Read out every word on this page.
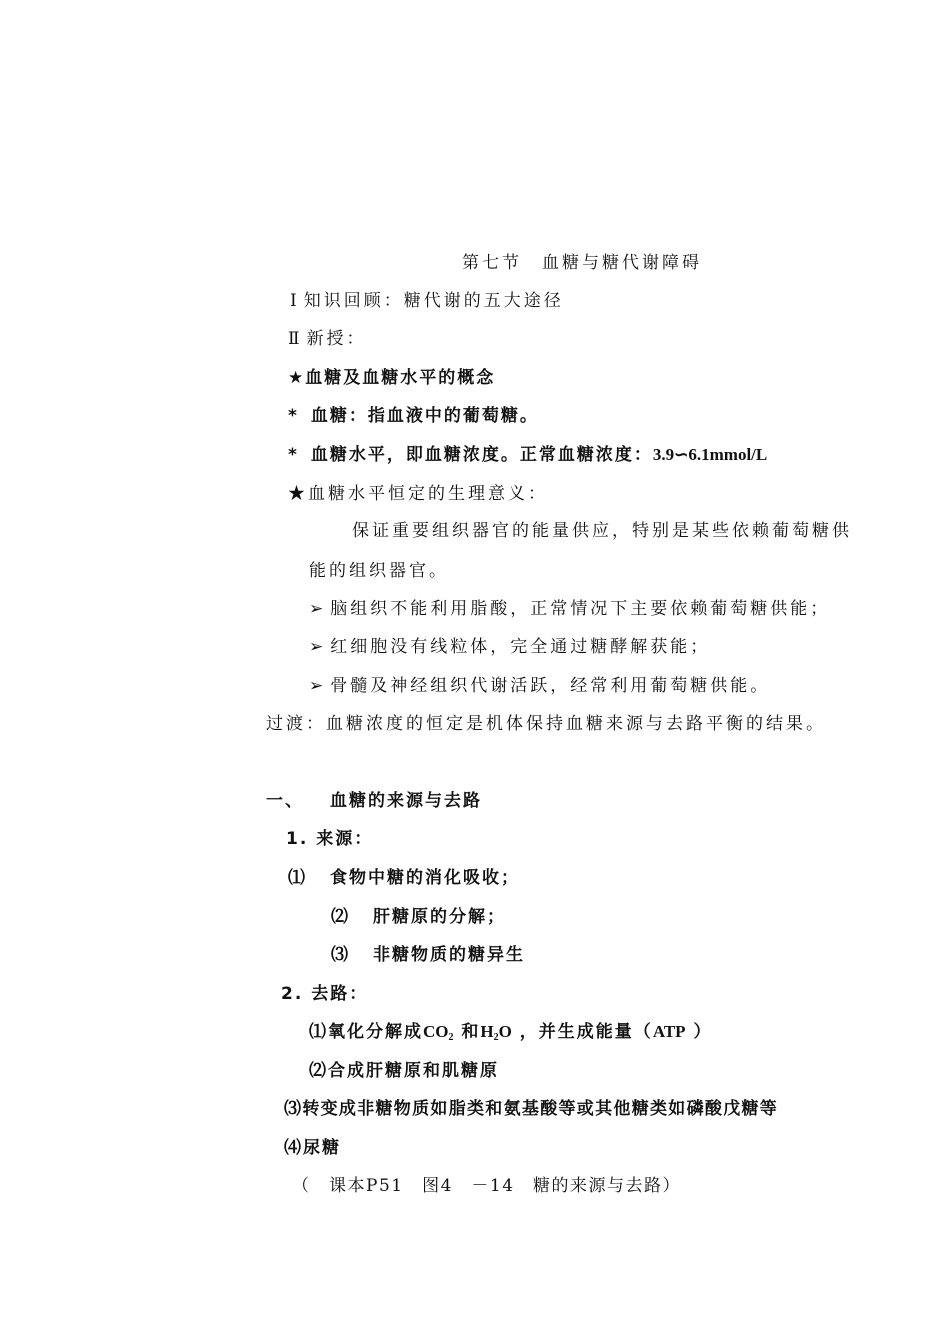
第七节　血糖与糖代谢障碍
Ⅰ 知识回顾：糖代谢的五大途径
Ⅱ 新授：
★血糖及血糖水平的概念
* 血糖：指血液中的葡萄糖。
* 血糖水平，即血糖浓度。正常血糖浓度：3.9∽6.1mmol/L
★血糖水平恒定的生理意义：
保证重要组织器官的能量供应，特别是某些依赖葡萄糖供
能的组织器官。
➢ 脑组织不能利用脂酸，正常情况下主要依赖葡萄糖供能；
➢ 红细胞没有线粒体，完全通过糖酵解获能；
➢ 骨髓及神经组织代谢活跃，经常利用葡萄糖供能。
过渡：血糖浓度的恒定是机体保持血糖来源与去路平衡的结果。
一、 血糖的来源与去路
1. 来源：
⑴ 食物中糖的消化吸收；
⑵ 肝糖原的分解；
⑶ 非糖物质的糖异生
2. 去路：
⑴氧化分解成$CO_2$ 和$H_2O$ ，并生成能量（ATP ）
⑵合成肝糖原和肌糖原
⑶转变成非糖物质如脂类和氨基酸等或其他糖类如磷酸戊糖等
⑷尿糖
（　课本P51　图4　－14　糖的来源与去路）
